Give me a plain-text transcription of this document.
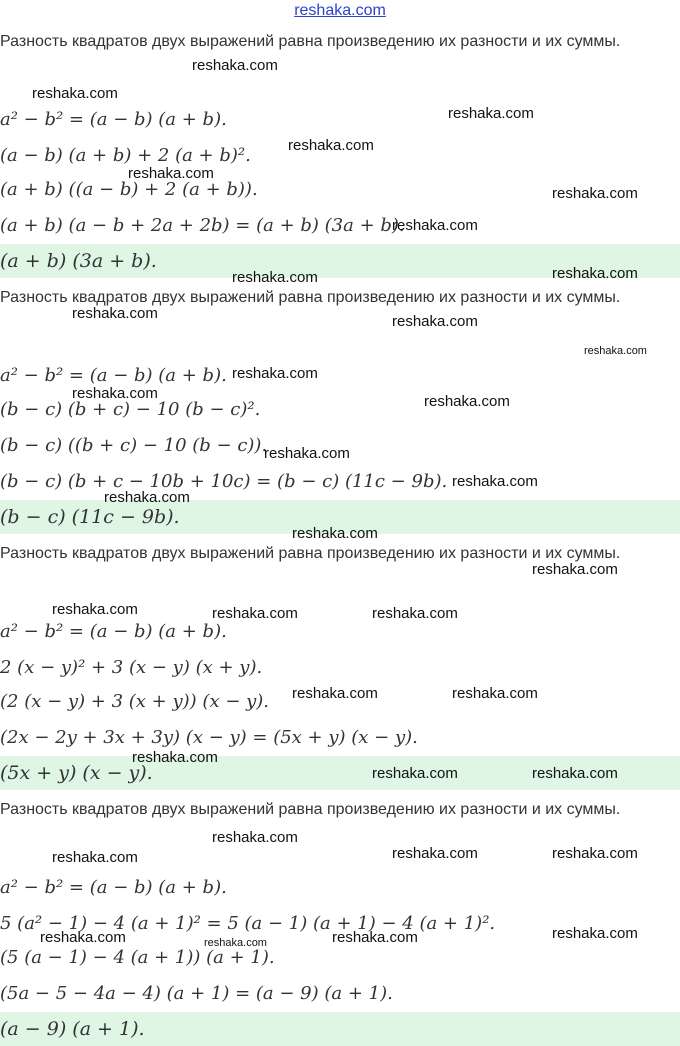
reshaka.com

Разность квадратов двух выражений равна произведению их разности и их суммы.

a² − b² = (a − b) (a + b).

(a − b) (a + b) + 2 (a + b)².

(a + b) ((a − b) + 2 (a + b)).

(a + b) (a − b + 2a + 2b) = (a + b) (3a + b).

(a + b) (3a + b).

Разность квадратов двух выражений равна произведению их разности и их суммы.

a² − b² = (a − b) (a + b).

(b − c) (b + c) − 10 (b − c)².

(b − c) ((b + c) − 10 (b − c)).

(b − c) (b + c − 10b + 10c) = (b − c) (11c − 9b).

(b − c) (11c − 9b).

Разность квадратов двух выражений равна произведению их разности и их суммы.

a² − b² = (a − b) (a + b).

2 (x − y)² + 3 (x − y) (x + y).

(2 (x − y) + 3 (x + y)) (x − y).

(2x − 2y + 3x + 3y) (x − y) = (5x + y) (x − y).

(5x + y) (x − y).

Разность квадратов двух выражений равна произведению их разности и их суммы.

a² − b² = (a − b) (a + b).

5 (a² − 1) − 4 (a + 1)² = 5 (a − 1) (a + 1) − 4 (a + 1)².

(5 (a − 1) − 4 (a + 1)) (a + 1).

(5a − 5 − 4a − 4) (a + 1) = (a − 9) (a + 1).

(a − 9) (a + 1).
reshaka.com
reshaka.com
reshaka.com
reshaka.com
reshaka.com
reshaka.com
reshaka.com
reshaka.com	reshaka.com
reshaka.com	reshaka.com
reshaka.com
reshaka.com
reshaka.com	reshaka.com
reshaka.com
reshaka.com
reshaka.com
reshaka.com
reshaka.com
reshaka.com	reshaka.com	reshaka.com
reshaka.com	reshaka.com
reshaka.com
reshaka.com	reshaka.com
reshaka.com
reshaka.com	reshaka.com	reshaka.com
reshaka.com	reshaka.com	reshaka.com	reshaka.com
